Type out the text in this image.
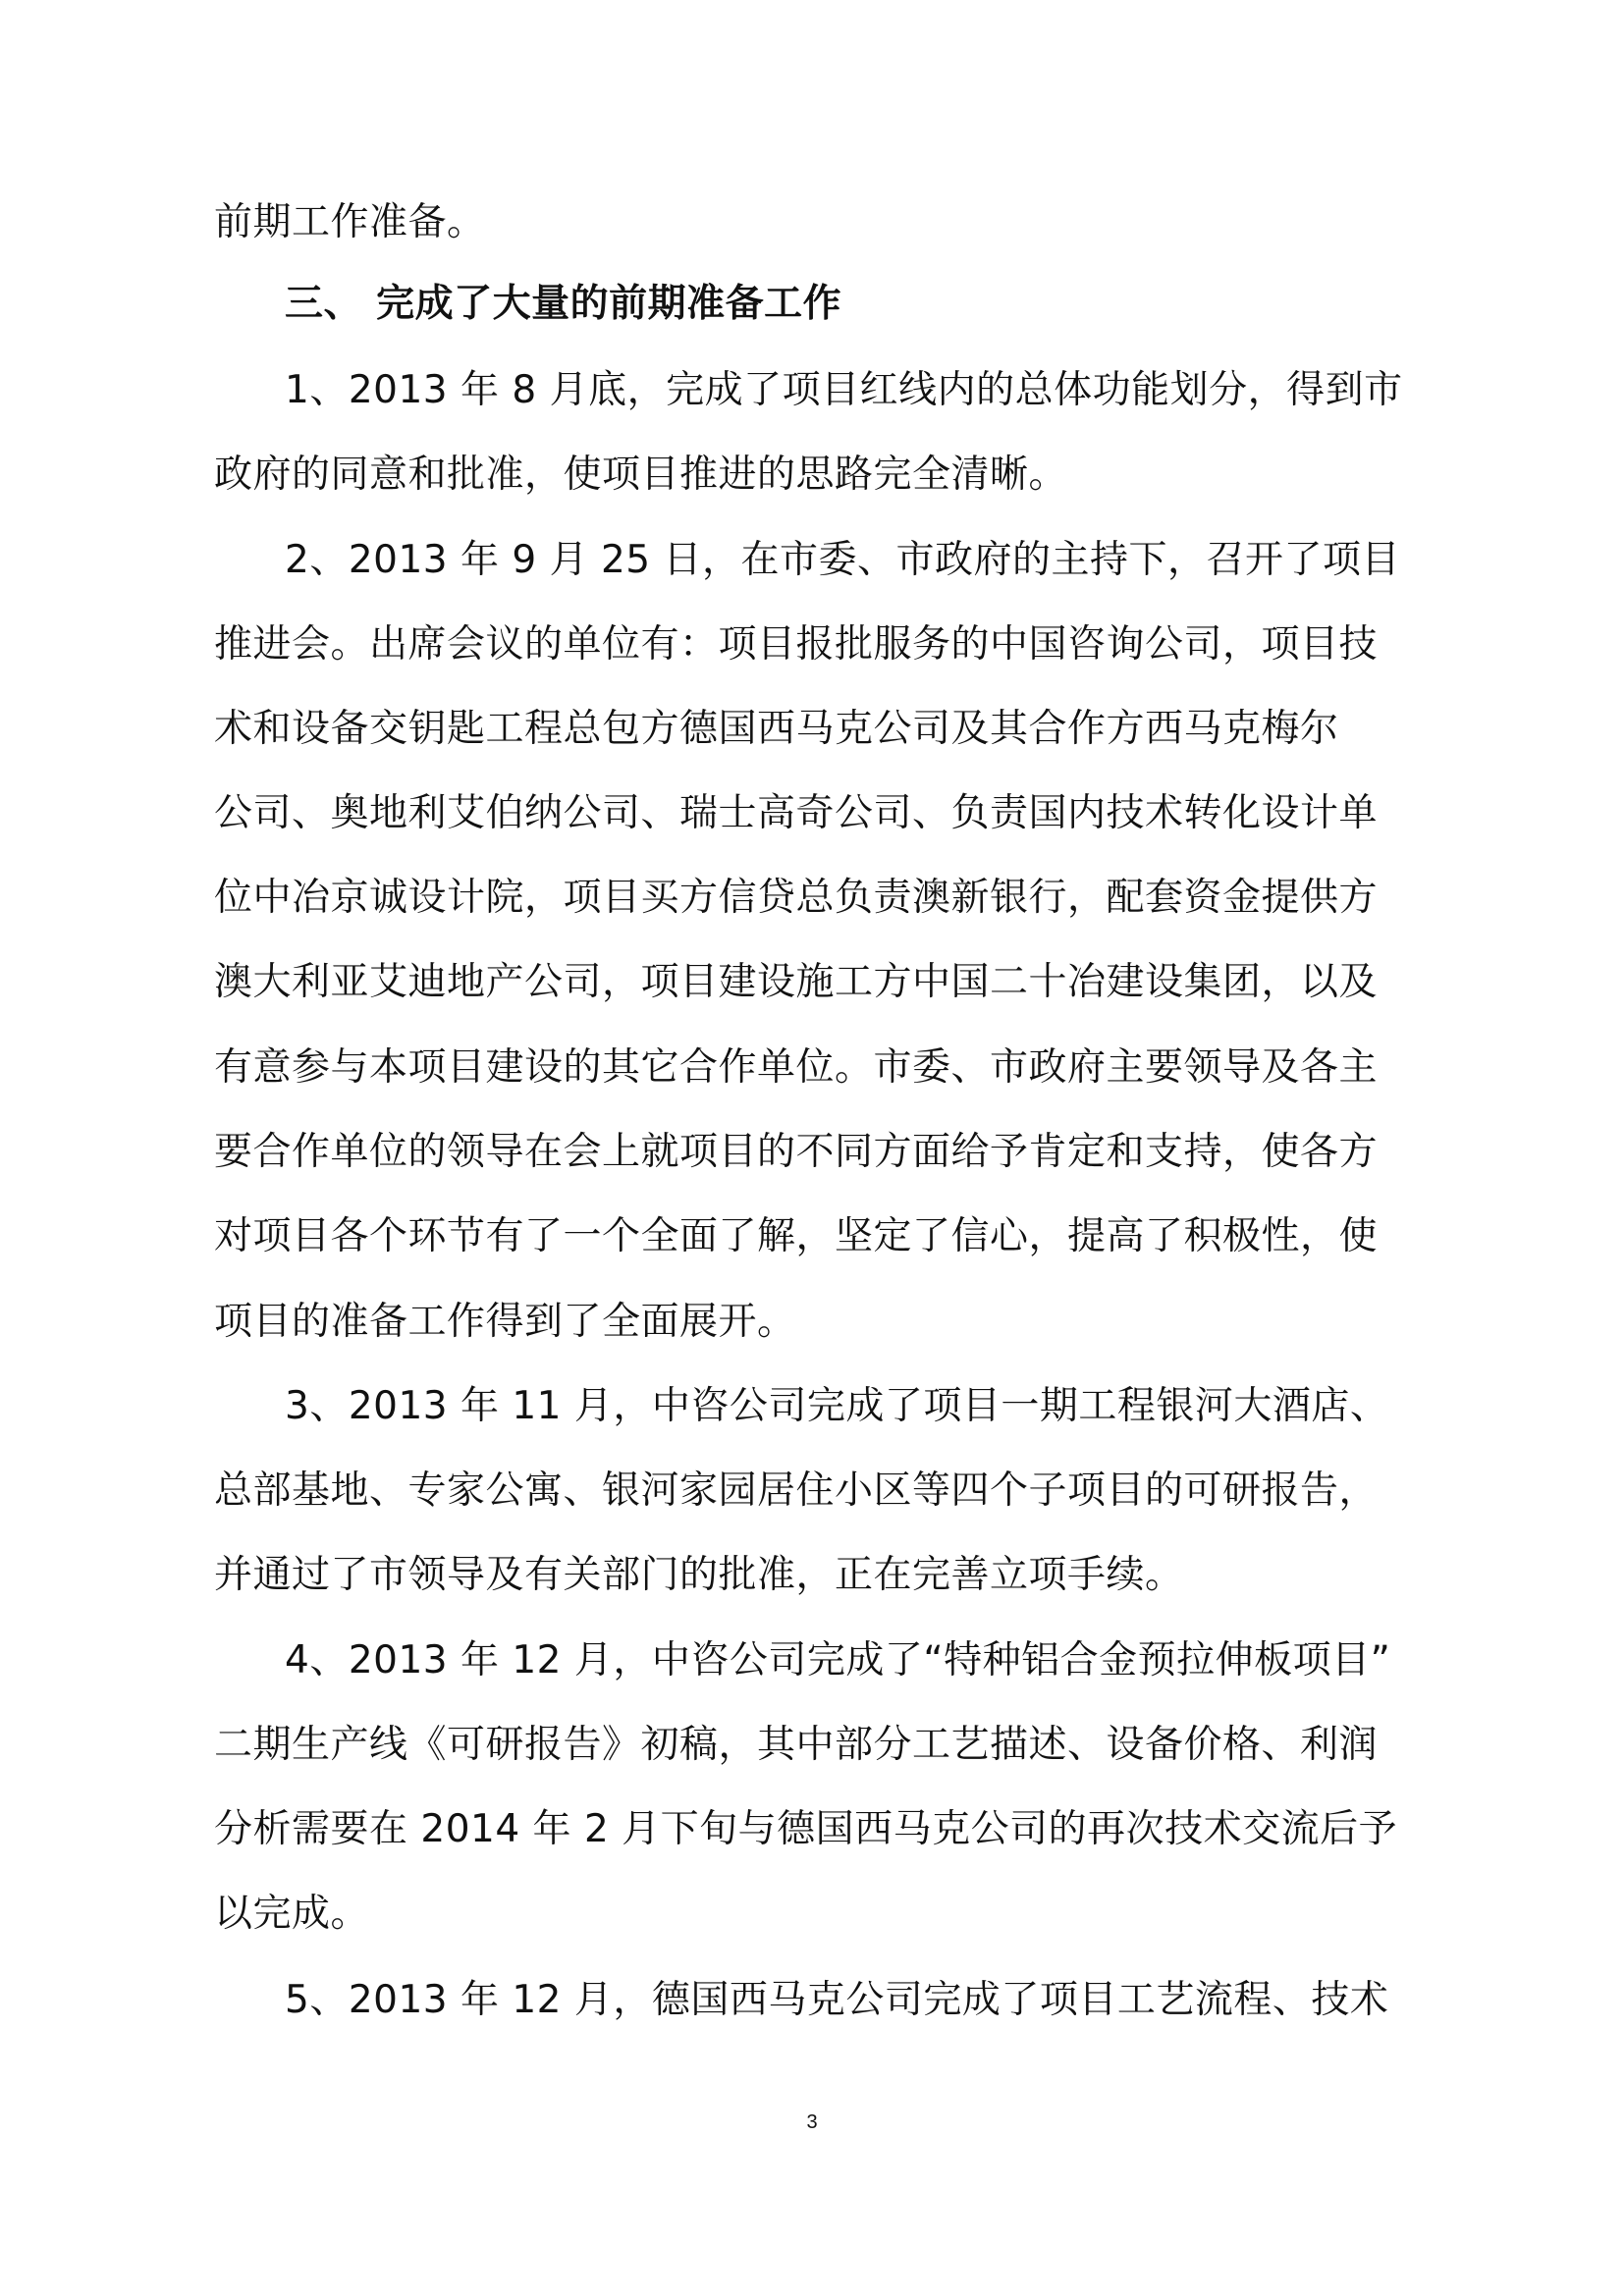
前期工作准备。
三、 完成了大量的前期准备工作
1、2013 年 8 月底，完成了项目红线内的总体功能划分，得到市
政府的同意和批准，使项目推进的思路完全清晰。
2、2013 年 9 月 25 日，在市委、市政府的主持下，召开了项目
推进会。出席会议的单位有：项目报批服务的中国咨询公司，项目技
术和设备交钥匙工程总包方德国西马克公司及其合作方西马克梅尔
公司、奥地利艾伯纳公司、瑞士高奇公司、负责国内技术转化设计单
位中冶京诚设计院，项目买方信贷总负责澳新银行，配套资金提供方
澳大利亚艾迪地产公司，项目建设施工方中国二十冶建设集团，以及
有意参与本项目建设的其它合作单位。市委、市政府主要领导及各主
要合作单位的领导在会上就项目的不同方面给予肯定和支持，使各方
对项目各个环节有了一个全面了解，坚定了信心，提高了积极性，使
项目的准备工作得到了全面展开。
3、2013 年 11 月，中咨公司完成了项目一期工程银河大酒店、
总部基地、专家公寓、银河家园居住小区等四个子项目的可研报告，
并通过了市领导及有关部门的批准，正在完善立项手续。
4、2013 年 12 月，中咨公司完成了“特种铝合金预拉伸板项目”
二期生产线《可研报告》初稿，其中部分工艺描述、设备价格、利润
分析需要在 2014 年 2 月下旬与德国西马克公司的再次技术交流后予
以完成。
5、2013 年 12 月，德国西马克公司完成了项目工艺流程、技术
3
